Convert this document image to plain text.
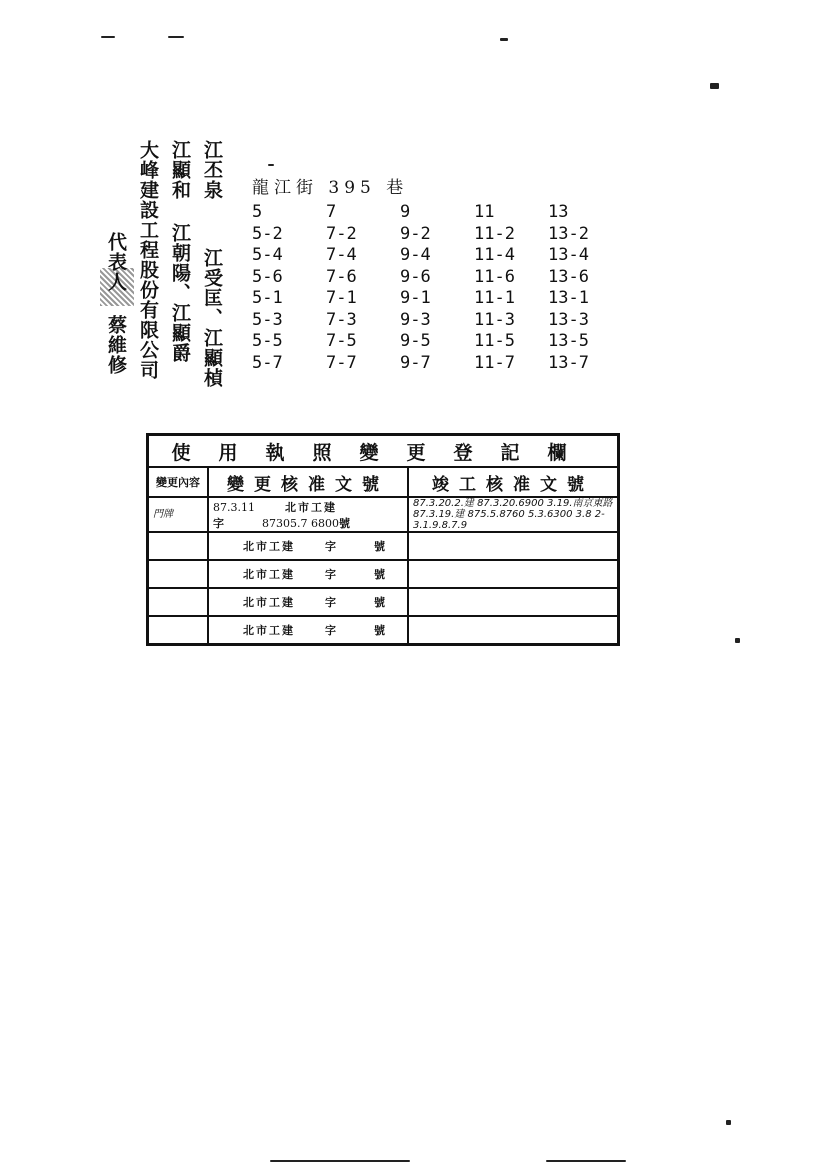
江丕泉
江顯和 江朝陽、江顯爵 江受匡、江顯楨
大峰建設工程股份有限公司
代表人 蔡維修
龍江街 395 巷
5	7	9	11	13
5-2	7-2	9-2	11-2	13-2
5-4	7-4	9-4	11-4	13-4
5-6	7-6	9-6	11-6	13-6
5-1	7-1	9-1	11-1	13-1
5-3	7-3	9-3	11-3	13-3
5-5	7-5	9-5	11-5	13-5
5-7	7-7	9-7	11-7	13-7
使用執照變更登記欄		
變更內容	變更核准文號	竣工核准文號
門牌	87.3.11 北市工建字 87305.7 6800號	87.3.20.2.建 87.3.20.6900 3.19.南京東路 87.3.19.建 875.5.8760 5.3.6300 3.8 2-3.1.9.8.7.9
	北市工建 字 號	
	北市工建 字 號	
	北市工建 字 號	
	北市工建 字 號	
